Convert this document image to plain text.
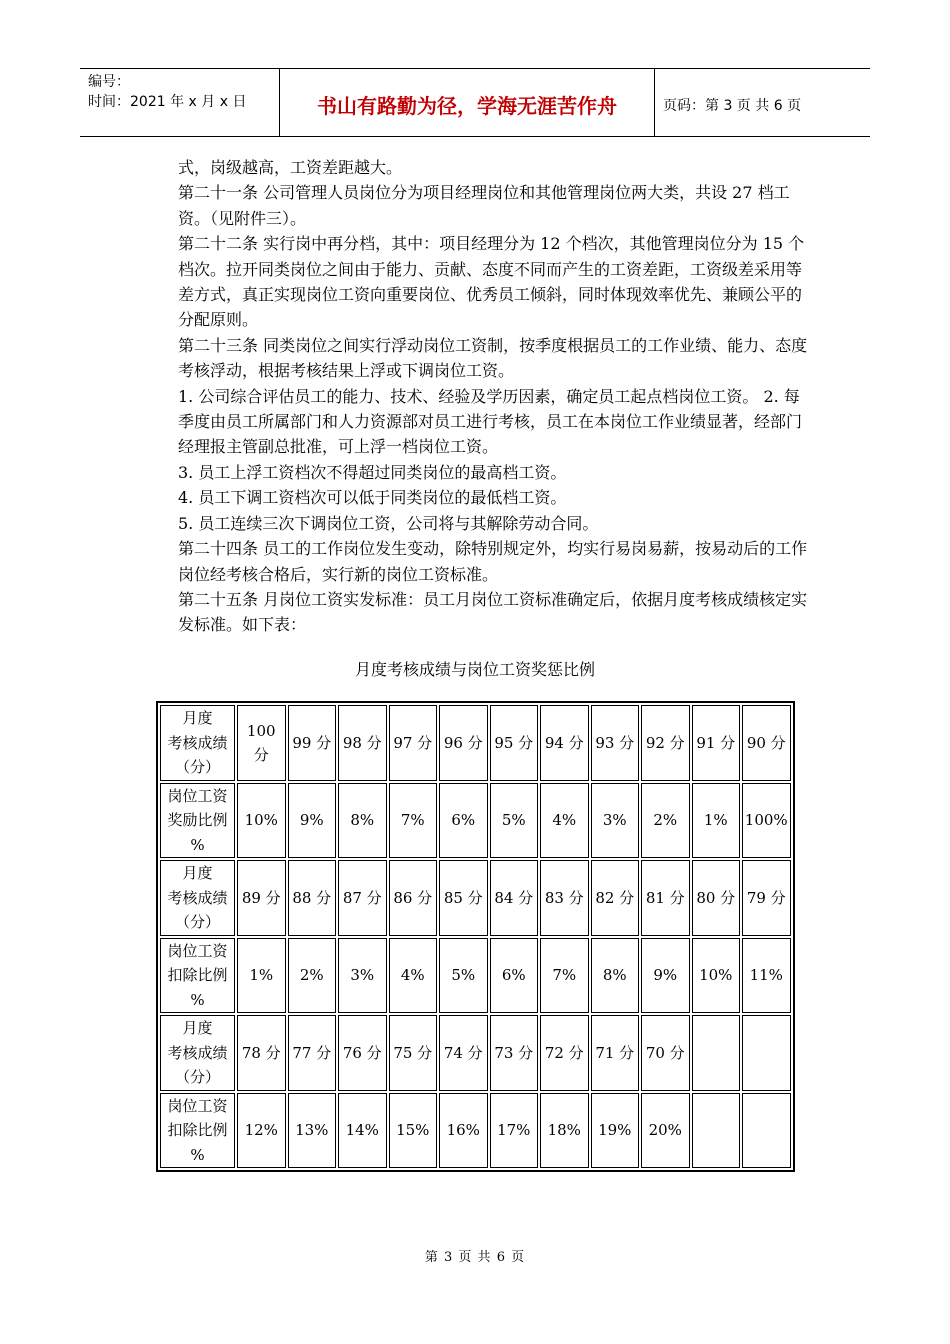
编号：
时间：2021 年 x 月 x 日	书山有路勤为径，学海无涯苦作舟	页码：第 3 页 共 6 页

式，岗级越高，工资差距越大。

第二十一条 公司管理人员岗位分为项目经理岗位和其他管理岗位两大类，共设 27 档工资。（见附件三）。

第二十二条 实行岗中再分档，其中：项目经理分为 12 个档次，其他管理岗位分为 15 个档次。拉开同类岗位之间由于能力、贡献、态度不同而产生的工资差距，工资级差采用等差方式，真正实现岗位工资向重要岗位、优秀员工倾斜，同时体现效率优先、兼顾公平的分配原则。

第二十三条 同类岗位之间实行浮动岗位工资制，按季度根据员工的工作业绩、能力、态度考核浮动，根据考核结果上浮或下调岗位工资。

1. 公司综合评估员工的能力、技术、经验及学历因素，确定员工起点档岗位工资。 2. 每季度由员工所属部门和人力资源部对员工进行考核，员工在本岗位工作业绩显著，经部门经理报主管副总批准，可上浮一档岗位工资。

3. 员工上浮工资档次不得超过同类岗位的最高档工资。

4. 员工下调工资档次可以低于同类岗位的最低档工资。

5. 员工连续三次下调岗位工资，公司将与其解除劳动合同。

第二十四条 员工的工作岗位发生变动，除特别规定外，均实行易岗易薪，按易动后的工作岗位经考核合格后，实行新的岗位工资标准。

第二十五条 月岗位工资实发标准：员工月岗位工资标准确定后，依据月度考核成绩核定实发标准。如下表：

月度考核成绩与岗位工资奖惩比例
月度
考核成绩
（分）	100 分	99 分	98 分	97 分	96 分	95 分	94 分	93 分	92 分	91 分	90 分

岗位工资
奖励比例
%	10%	9%	8%	7%	6%	5%	4%	3%	2%	1%	100%

月度
考核成绩
（分）	89 分	88 分	87 分	86 分	85 分	84 分	83 分	82 分	81 分	80 分	79 分

岗位工资
扣除比例
%	1%	2%	3%	4%	5%	6%	7%	8%	9%	10%	11%

月度
考核成绩
（分）	78 分	77 分	76 分	75 分	74 分	73 分	72 分	71 分	70 分		

岗位工资
扣除比例
%	12%	13%	14%	15%	16%	17%	18%	19%	20%		
第 3 页 共 6 页
